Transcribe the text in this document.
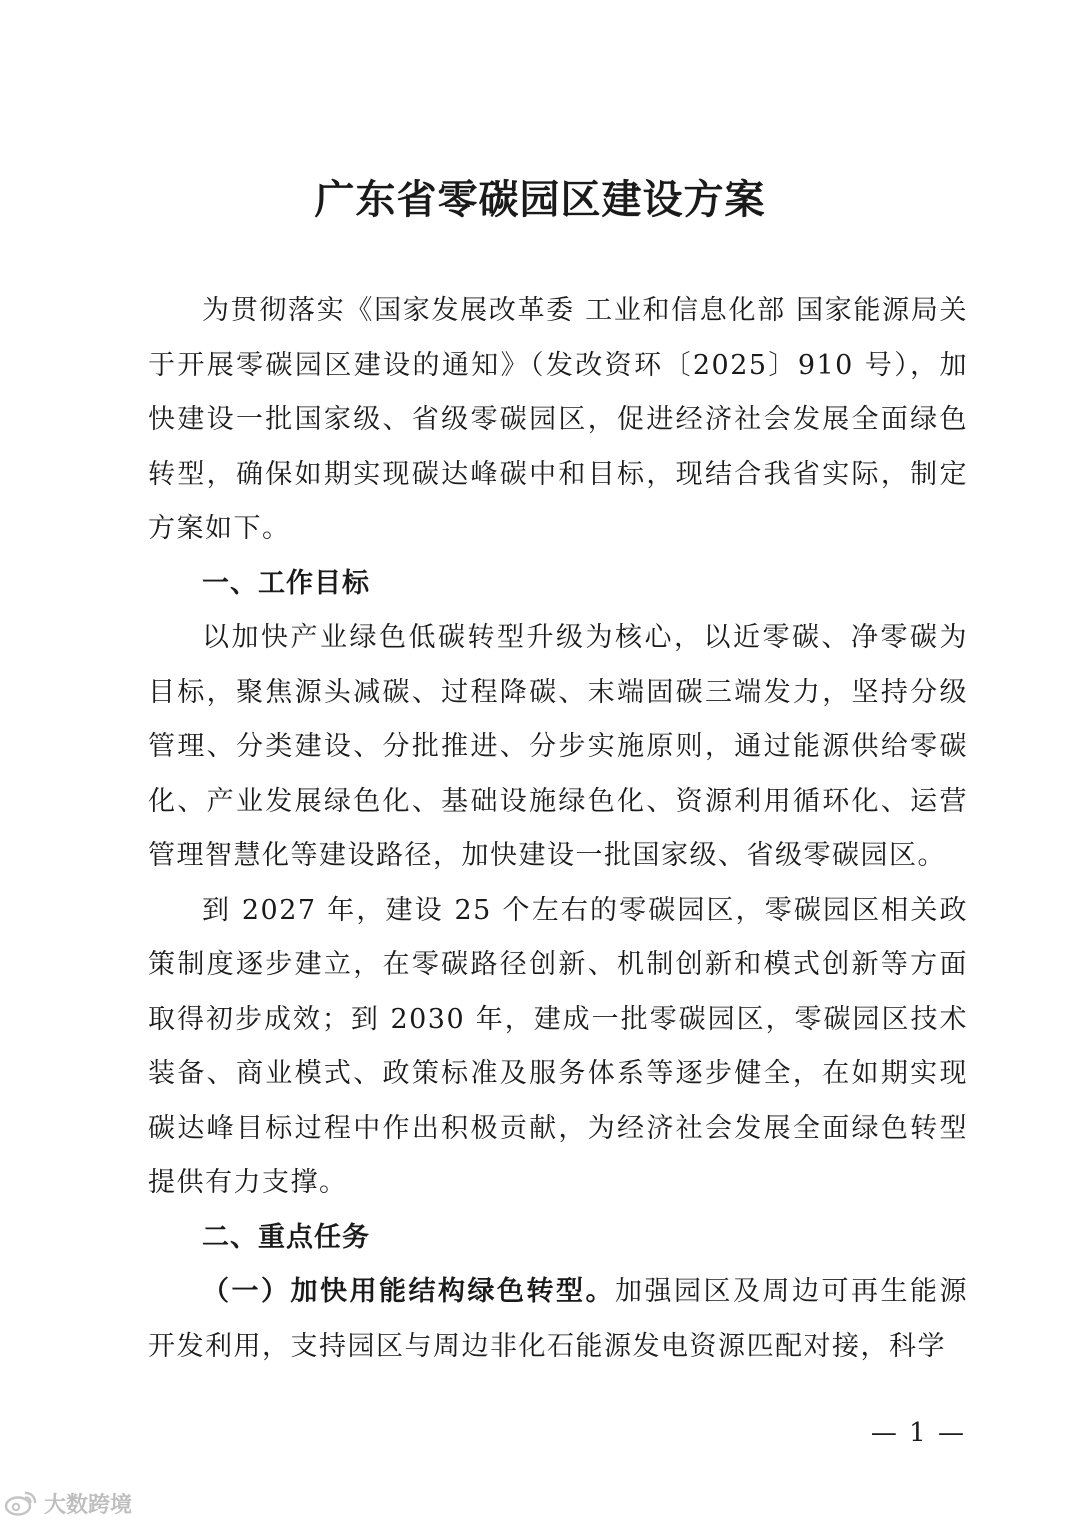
广东省零碳园区建设方案

为贯彻落实《国家发展改革委 工业和信息化部 国家能源局关于开展零碳园区建设的通知》（发改资环〔2025〕910 号），加快建设一批国家级、省级零碳园区，促进经济社会发展全面绿色转型，确保如期实现碳达峰碳中和目标，现结合我省实际，制定方案如下。

一、工作目标

以加快产业绿色低碳转型升级为核心，以近零碳、净零碳为目标，聚焦源头减碳、过程降碳、末端固碳三端发力，坚持分级管理、分类建设、分批推进、分步实施原则，通过能源供给零碳化、产业发展绿色化、基础设施绿色化、资源利用循环化、运营管理智慧化等建设路径，加快建设一批国家级、省级零碳园区。

到 2027 年，建设 25 个左右的零碳园区，零碳园区相关政策制度逐步建立，在零碳路径创新、机制创新和模式创新等方面取得初步成效；到 2030 年，建成一批零碳园区，零碳园区技术装备、商业模式、政策标准及服务体系等逐步健全，在如期实现碳达峰目标过程中作出积极贡献，为经济社会发展全面绿色转型提供有力支撑。

二、重点任务

（一）加快用能结构绿色转型。加强园区及周边可再生能源开发利用，支持园区与周边非化石能源发电资源匹配对接，科学

— 1 —
大数跨境
